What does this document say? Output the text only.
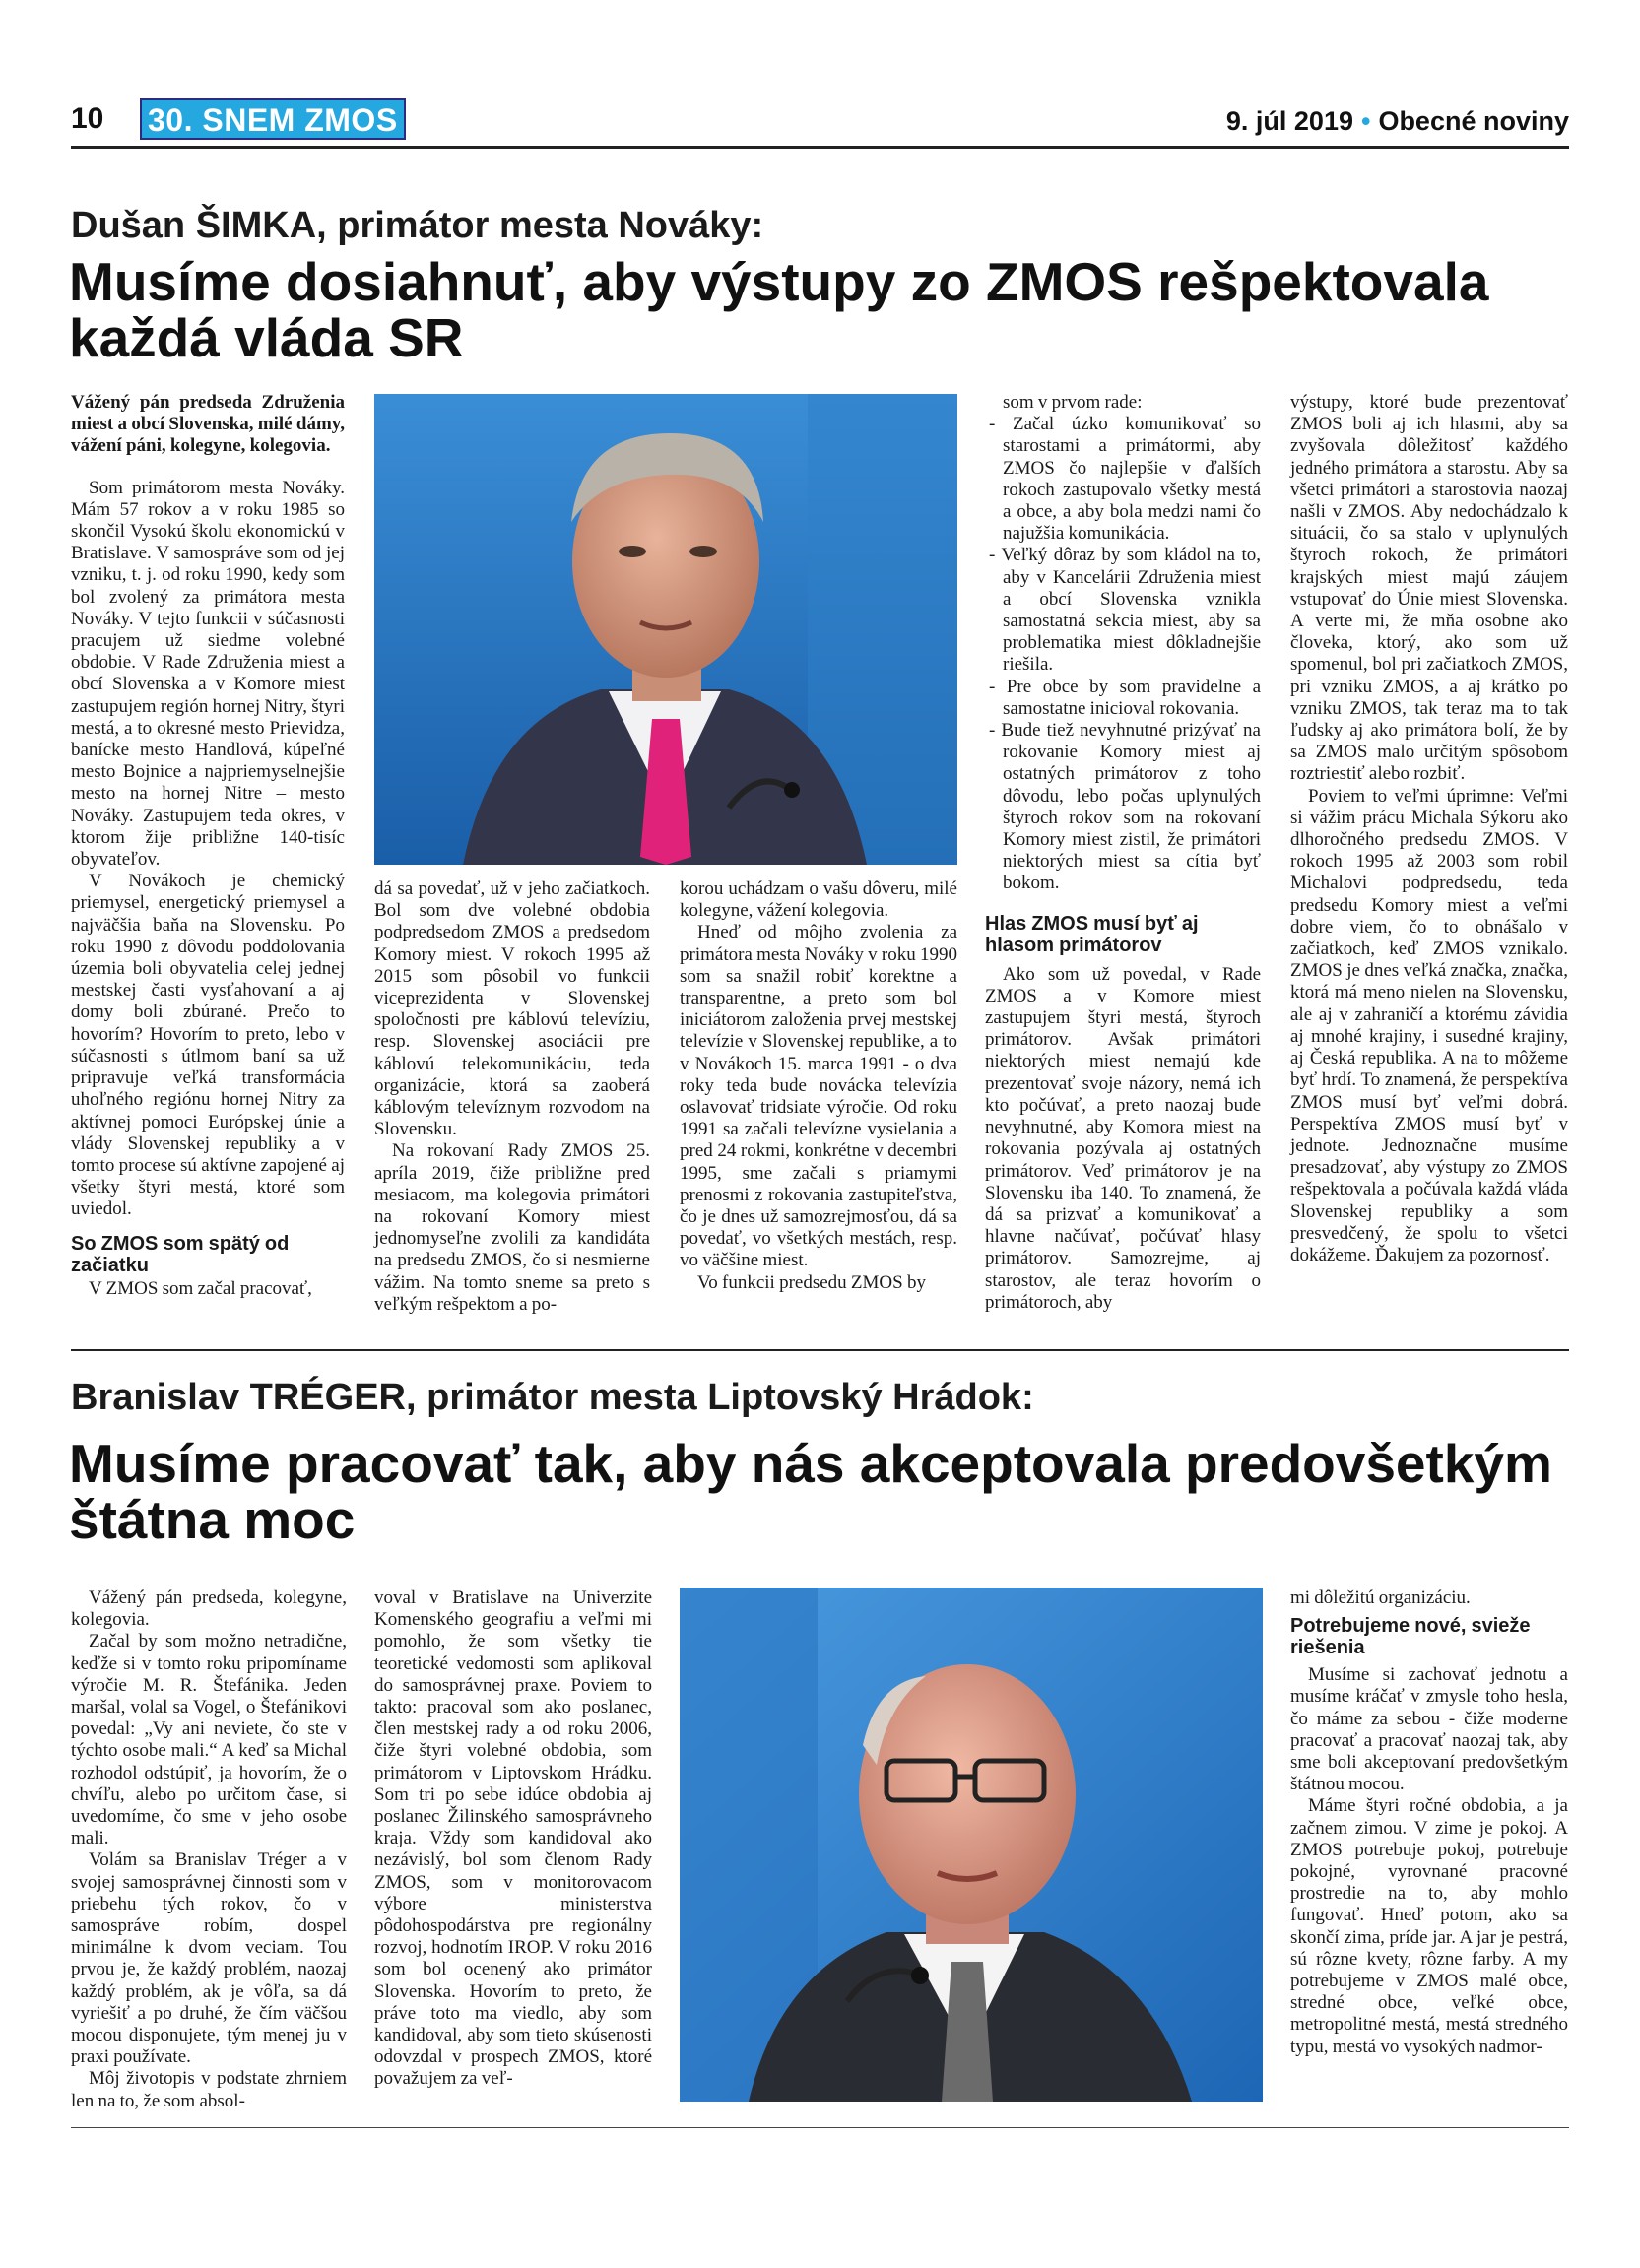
10 30. SNEM ZMOS	9. júl 2019 • Obecné noviny
Dušan ŠIMKA, primátor mesta Nováky:
Musíme dosiahnuť, aby výstupy zo ZMOS rešpektovala každá vláda SR

Vážený pán predseda Združenia miest a obcí Slovenska, milé dámy, vážení páni, kolegyne, kolegovia.

Som primátorom mesta Nováky. Mám 57 rokov a v roku 1985 so skončil Vysokú školu ekonomickú v Bratislave. V samospráve som od jej vzniku, t. j. od roku 1990, kedy som bol zvolený za primátora mesta Nováky. V tejto funkcii v súčasnosti pracujem už siedme volebné obdobie. V Rade Združenia miest a obcí Slovenska a v Komore miest zastupujem región hornej Nitry, štyri mestá, a to okresné mesto Prievidza, banícke mesto Handlová, kúpeľné mesto Bojnice a najpriemyselnejšie mesto na hornej Nitre – mesto Nováky. Zastupujem teda okres, v ktorom žije približne 140-tisíc obyvateľov.

V Novákoch je chemický priemysel, energetický priemysel a najväčšia baňa na Slovensku. Po roku 1990 z dôvodu poddolovania územia boli obyvatelia celej jednej mestskej časti vysťahovaní a aj domy boli zbúrané. Prečo to hovorím? Hovorím to preto, lebo v súčasnosti s útlmom baní sa už pripravuje veľká transformácia uhoľného regiónu hornej Nitry za aktívnej pomoci Európskej únie a vlády Slovenskej republiky a v tomto procese sú aktívne zapojené aj všetky štyri mestá, ktoré som uviedol.

So ZMOS som spätý od začiatku

V ZMOS som začal pracovať,

dá sa povedať, už v jeho začiatkoch. Bol som dve volebné obdobia podpredsedom ZMOS a predsedom Komory miest. V rokoch 1995 až 2015 som pôsobil vo funkcii viceprezidenta v Slovenskej spoločnosti pre káblovú televíziu, resp. Slovenskej asociácii pre káblovú telekomunikáciu, teda organizácie, ktorá sa zaoberá káblovým televíznym rozvodom na Slovensku.

Na rokovaní Rady ZMOS 25. apríla 2019, čiže približne pred mesiacom, ma kolegovia primátori na rokovaní Komory miest jednomyseľne zvolili za kandidáta na predsedu ZMOS, čo si nesmierne vážim. Na tomto sneme sa preto s veľkým rešpektom a po-

korou uchádzam o vašu dôveru, milé kolegyne, vážení kolegovia.

Hneď od môjho zvolenia za primátora mesta Nováky v roku 1990 som sa snažil robiť korektne a transparentne, a preto som bol iniciátorom založenia prvej mestskej televízie v Slovenskej republike, a to v Novákoch 15. marca 1991 - o dva roky teda bude novácka televízia oslavovať tridsiate výročie. Od roku 1991 sa začali televízne vysielania a pred 24 rokmi, konkrétne v decembri 1995, sme začali s priamymi prenosmi z rokovania zastupiteľstva, čo je dnes už samozrejmosťou, dá sa povedať, vo všetkých mestách, resp. vo väčšine miest.

Vo funkcii predsedu ZMOS by

som v prvom rade:

- Začal úzko komunikovať so starostami a primátormi, aby ZMOS čo najlepšie v ďalších rokoch zastupovalo všetky mestá a obce, a aby bola medzi nami čo najužšia komunikácia.
- Veľký dôraz by som kládol na to, aby v Kancelárii Združenia miest a obcí Slovenska vznikla samostatná sekcia miest, aby sa problematika miest dôkladnejšie riešila.
- Pre obce by som pravidelne a samostatne inicioval rokovania.
- Bude tiež nevyhnutné prizývať na rokovanie Komory miest aj ostatných primátorov z toho dôvodu, lebo počas uplynulých štyroch rokov som na rokovaní Komory miest zistil, že primátori niektorých miest sa cítia byť bokom.
Hlas ZMOS musí byť aj hlasom primátorov

Ako som už povedal, v Rade ZMOS a v Komore miest zastupujem štyri mestá, štyroch primátorov. Avšak primátori niektorých miest nemajú kde prezentovať svoje názory, nemá ich kto počúvať, a preto naozaj bude nevyhnutné, aby Komora miest na rokovania pozývala aj ostatných primátorov. Veď primátorov je na Slovensku iba 140. To znamená, že dá sa prizvať a komunikovať a hlavne načúvať, počúvať hlasy primátorov. Samozrejme, aj starostov, ale teraz hovorím o primátoroch, aby

výstupy, ktoré bude prezentovať ZMOS boli aj ich hlasmi, aby sa zvyšovala dôležitosť každého jedného primátora a starostu. Aby sa všetci primátori a starostovia naozaj našli v ZMOS. Aby nedochádzalo k situácii, čo sa stalo v uplynulých štyroch rokoch, že primátori krajských miest majú záujem vstupovať do Únie miest Slovenska. A verte mi, že mňa osobne ako človeka, ktorý, ako som už spomenul, bol pri začiatkoch ZMOS, pri vzniku ZMOS, a aj krátko po vzniku ZMOS, tak teraz ma to tak ľudsky aj ako primátora bolí, že by sa ZMOS malo určitým spôsobom roztriestiť alebo rozbiť.

Poviem to veľmi úprimne: Veľmi si vážim prácu Michala Sýkoru ako dlhoročného predsedu ZMOS. V rokoch 1995 až 2003 som robil Michalovi podpredsedu, teda predsedu Komory miest a veľmi dobre viem, čo to obnášalo v začiatkoch, keď ZMOS vznikalo. ZMOS je dnes veľká značka, značka, ktorá má meno nielen na Slovensku, ale aj v zahraničí a ktorému závidia aj mnohé krajiny, i susedné krajiny, aj Česká republika. A na to môžeme byť hrdí. To znamená, že perspektíva ZMOS musí byť veľmi dobrá. Perspektíva ZMOS musí byť v jednote. Jednoznačne musíme presadzovať, aby výstupy zo ZMOS rešpektovala a počúvala každá vláda Slovenskej republiky a som presvedčený, že spolu to všetci dokážeme. Ďakujem za pozornosť.

Branislav TRÉGER, primátor mesta Liptovský Hrádok:
Musíme pracovať tak, aby nás akceptovala predovšetkým štátna moc

Vážený pán predseda, kolegyne, kolegovia.

Začal by som možno netradične, keďže si v tomto roku pripomíname výročie M. R. Štefánika. Jeden maršal, volal sa Vogel, o Štefánikovi povedal: „Vy ani neviete, čo ste v týchto osobe mali.“ A keď sa Michal rozhodol odstúpiť, ja hovorím, že o chvíľu, alebo po určitom čase, si uvedomíme, čo sme v jeho osobe mali.

Volám sa Branislav Tréger a v svojej samosprávnej činnosti som v priebehu tých rokov, čo v samospráve robím, dospel minimálne k dvom veciam. Tou prvou je, že každý problém, naozaj každý problém, ak je vôľa, sa dá vyriešiť a po druhé, že čím väčšou mocou disponujete, tým menej ju v praxi používate.

Môj životopis v podstate zhrniem len na to, že som absol-

voval v Bratislave na Univerzite Komenského geografiu a veľmi mi pomohlo, že som všetky tie teoretické vedomosti som aplikoval do samosprávnej praxe. Poviem to takto: pracoval som ako poslanec, člen mestskej rady a od roku 2006, čiže štyri volebné obdobia, som primátorom v Liptovskom Hrádku. Som tri po sebe idúce obdobia aj poslanec Žilinského samosprávneho kraja. Vždy som kandidoval ako nezávislý, bol som členom Rady ZMOS, som v monitorovacom výbore ministerstva pôdohospodárstva pre regionálny rozvoj, hodnotím IROP. V roku 2016 som bol ocenený ako primátor Slovenska. Hovorím to preto, že práve toto ma viedlo, aby som kandidoval, aby som tieto skúsenosti odovzdal v prospech ZMOS, ktoré považujem za veľ-

mi dôležitú organizáciu.

Potrebujeme nové, svieže riešenia

Musíme si zachovať jednotu a musíme kráčať v zmysle toho hesla, čo máme za sebou - čiže moderne pracovať a pracovať naozaj tak, aby sme boli akceptovaní predovšetkým štátnou mocou.

Máme štyri ročné obdobia, a ja začnem zimou. V zime je pokoj. A ZMOS potrebuje pokoj, potrebuje pokojné, vyrovnané pracovné prostredie na to, aby mohlo fungovať. Hneď potom, ako sa skončí zima, príde jar. A jar je pestrá, sú rôzne kvety, rôzne farby. A my potrebujeme v ZMOS malé obce, stredné obce, veľké obce, metropolitné mestá, mestá stredného typu, mestá vo vysokých nadmor-
